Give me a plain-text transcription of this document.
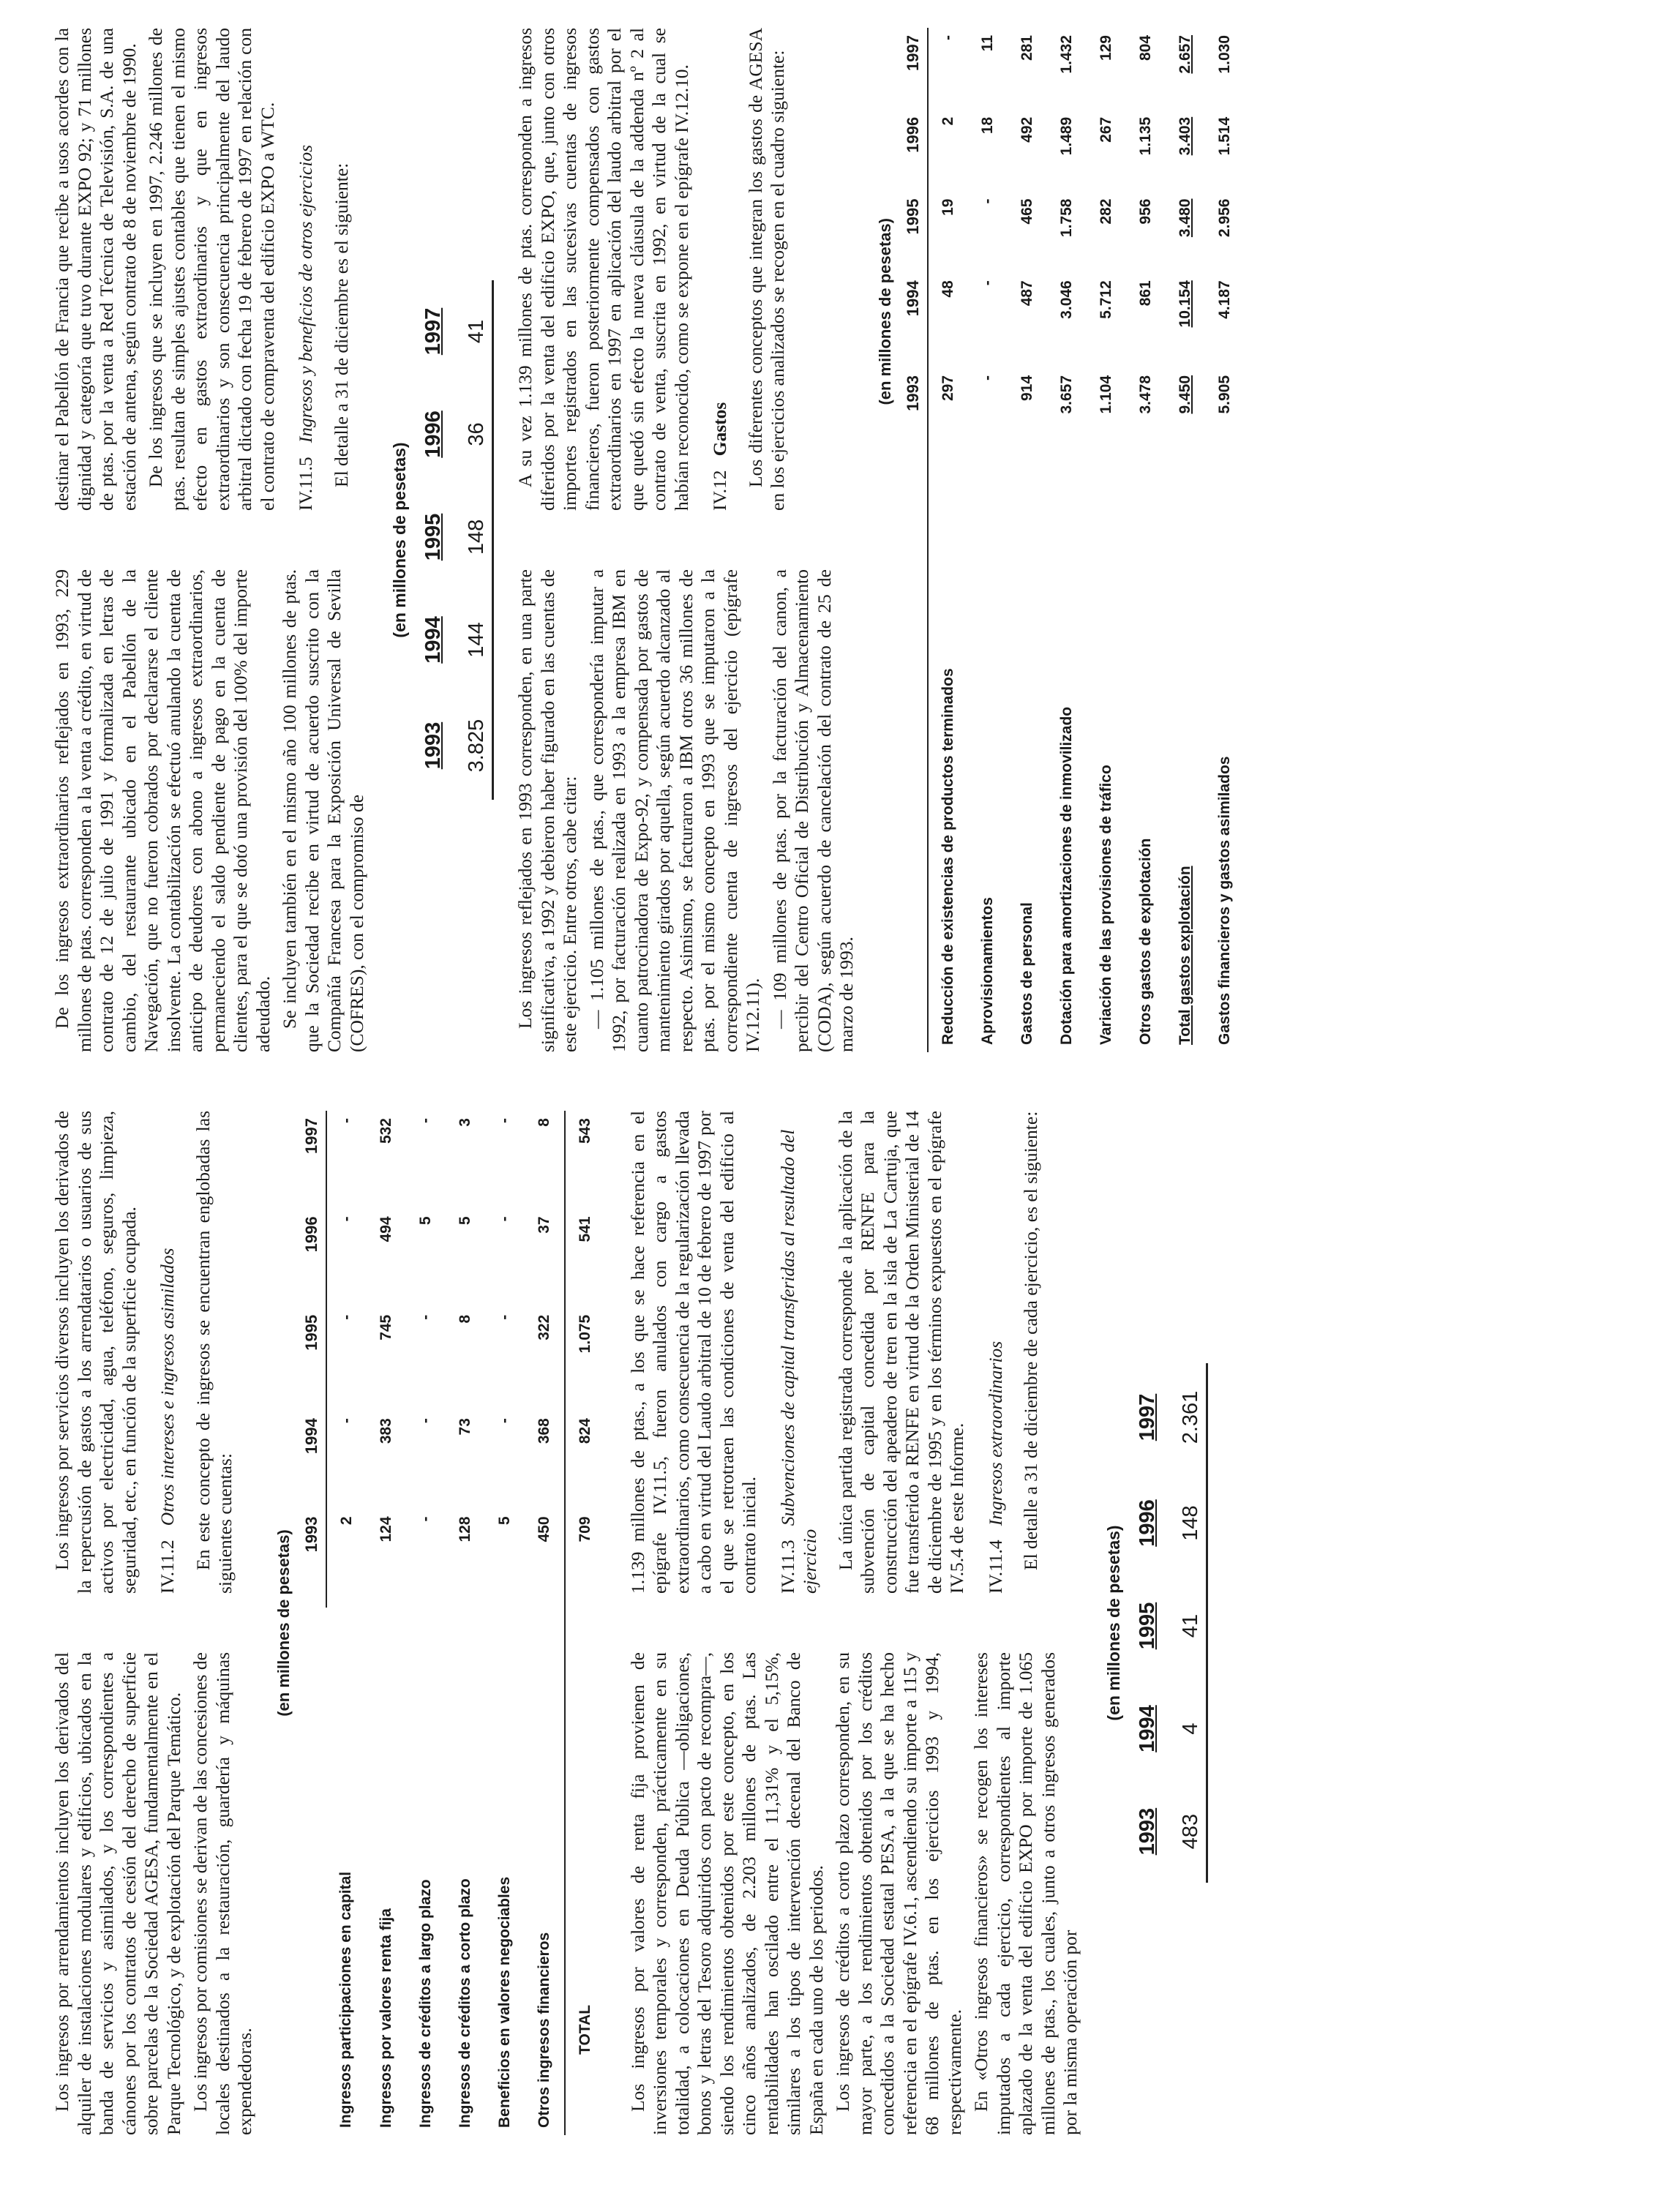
Los ingresos por arrendamientos incluyen los derivados del alquiler de instalaciones modulares y edificios, ubicados en la banda de servicios y asimilados, y los correspondientes a cánones por los contratos de cesión del derecho de superficie sobre parcelas de la Sociedad AGESA, fundamentalmente en el Parque Tecnológico, y de explotación del Parque Temático. Los ingresos por comisiones se derivan de las concesiones de locales destinados a la restauración, guardería y máquinas expendedoras.

Los ingresos por servicios diversos incluyen los derivados de la repercusión de gastos a los arrendatarios o usuarios de sus activos por electricidad, agua, teléfono, seguros, limpieza, seguridad, etc., en función de la superficie ocupada. IV.11.2   Otros intereses e ingresos asimilados En este concepto de ingresos se encuentran englobadas las siguientes cuentas:

(en millones de pesetas)
	1993	1994	1995	1996	1997
Ingresos participaciones en capital	2	-	-	-	-
Ingresos por valores renta fija	124	383	745	494	532
Ingresos de créditos a largo plazo	-	-	-	5	-
Ingresos de créditos a corto plazo	128	73	8	5	3
Beneficios en valores negociables	5	-	-	-	-
Otros ingresos financieros	450	368	322	37	8
TOTAL	709	824	1.075	541	543

Los ingresos por valores de renta fija provienen de inversiones temporales y corresponden, prácticamente en su totalidad, a colocaciones en Deuda Pública —obligaciones, bonos y letras del Tesoro adquiridos con pacto de recompra—, siendo los rendimientos obtenidos por este concepto, en los cinco años analizados, de 2.203 millones de ptas. Las rentabilidades han oscilado entre el 11,31% y el 5,15%, similares a los tipos de intervención decenal del Banco de España en cada uno de los periodos. Los ingresos de créditos a corto plazo corresponden, en su mayor parte, a los rendimientos obtenidos por los créditos concedidos a la Sociedad estatal PESA, a la que se ha hecho referencia en el epígrafe IV.6.1, ascendiendo su importe a 115 y 68 millones de ptas. en los ejercicios 1993 y 1994, respectivamente. En «Otros ingresos financieros» se recogen los intereses imputados a cada ejercicio, correspondientes al importe aplazado de la venta del edificio EXPO por importe de 1.065 millones de ptas., los cuales, junto a otros ingresos generados por la misma operación por

1.139 millones de ptas., a los que se hace referencia en el epígrafe IV.11.5, fueron anulados con cargo a gastos extraordinarios, como consecuencia de la regularización llevada a cabo en virtud del Laudo arbitral de 10 de febrero de 1997 por el que se retrotraen las condiciones de venta del edificio al contrato inicial. IV.11.3   Subvenciones de capital transferidas al resultado del ejercicio La única partida registrada corresponde a la aplicación de la subvención de capital concedida por RENFE para la construcción del apeadero de tren en la isla de La Cartuja, que fue transferido a RENFE en virtud de la Orden Ministerial de 14 de diciembre de 1995 y en los términos expuestos en el epígrafe IV.5.4 de este Informe. IV.11.4   Ingresos extraordinarios El detalle a 31 de diciembre de cada ejercicio, es el siguiente:

(en millones de pesetas)
1993	1994	1995	1996	1997
483	4	41	148	2.361

De los ingresos extraordinarios reflejados en 1993, 229 millones de ptas. corresponden a la venta a crédito, en virtud de contrato de 12 de julio de 1991 y formalizada en letras de cambio, del restaurante ubicado en el Pabellón de la Navegación, que no fueron cobrados por declararse el cliente insolvente. La contabilización se efectuó anulando la cuenta de anticipo de deudores con abono a ingresos extraordinarios, permaneciendo el saldo pendiente de pago en la cuenta de clientes, para el que se dotó una provisión del 100% del importe adeudado. Se incluyen también en el mismo año 100 millones de ptas. que la Sociedad recibe en virtud de acuerdo suscrito con la Compañía Francesa para la Exposición Universal de Sevilla (COFRES), con el compromiso de

destinar el Pabellón de Francia que recibe a usos acordes con la dignidad y categoría que tuvo durante EXPO 92; y 71 millones de ptas. por la venta a Red Técnica de Televisión, S.A. de una estación de antena, según contrato de 8 de noviembre de 1990. De los ingresos que se incluyen en 1997, 2.246 millones de ptas. resultan de simples ajustes contables que tienen el mismo efecto en gastos extraordinarios y que en ingresos extraordinarios y son consecuencia principalmente del laudo arbitral dictado con fecha 19 de febrero de 1997 en relación con el contrato de compraventa del edificio EXPO a WTC. IV.11.5   Ingresos y beneficios de otros ejercicios El detalle a 31 de diciembre es el siguiente:

(en millones de pesetas)
1993	1994	1995	1996	1997
3.825	144	148	36	41

Los ingresos reflejados en 1993 corresponden, en una parte significativa, a 1992 y debieron haber figurado en las cuentas de este ejercicio. Entre otros, cabe citar: — 1.105 millones de ptas., que correspondería imputar a 1992, por facturación realizada en 1993 a la empresa IBM en cuanto patrocinadora de Expo-92, y compensada por gastos de mantenimiento girados por aquella, según acuerdo alcanzado al respecto. Asimismo, se facturaron a IBM otros 36 millones de ptas. por el mismo concepto en 1993 que se imputaron a la correspondiente cuenta de ingresos del ejercicio (epígrafe IV.12.11). — 109 millones de ptas. por la facturación del canon, a percibir del Centro Oficial de Distribución y Almacenamiento (CODA), según acuerdo de cancelación del contrato de 25 de marzo de 1993.

A su vez 1.139 millones de ptas. corresponden a ingresos diferidos por la venta del edificio EXPO, que, junto con otros importes registrados en las sucesivas cuentas de ingresos financieros, fueron posteriormente compensados con gastos extraordinarios en 1997 en aplicación del laudo arbitral por el que quedó sin efecto la nueva cláusula de la addenda nº 2 al contrato de venta, suscrita en 1992, en virtud de la cual se habían reconocido, como se expone en el epígrafe IV.12.10. IV.12   Gastos Los diferentes conceptos que integran los gastos de AGESA en los ejercicios analizados se recogen en el cuadro siguiente:	(en millones de pesetas)
	1993	1994	1995	1996	1997
Reducción de existencias de productos terminados	297	48	19	2	-
Aprovisionamientos	-	-	-	18	11
Gastos de personal	914	487	465	492	281
Dotación para amortizaciones de inmovilizado	3.657	3.046	1.758	1.489	1.432
Variación de las provisiones de tráfico	1.104	5.712	282	267	129
Otros gastos de explotación	3.478	861	956	1.135	804
Total gastos explotación	9.450	10.154	3.480	3.403	2.657
Gastos financieros y gastos asimilados	5.905	4.187	2.956	1.514	1.030
